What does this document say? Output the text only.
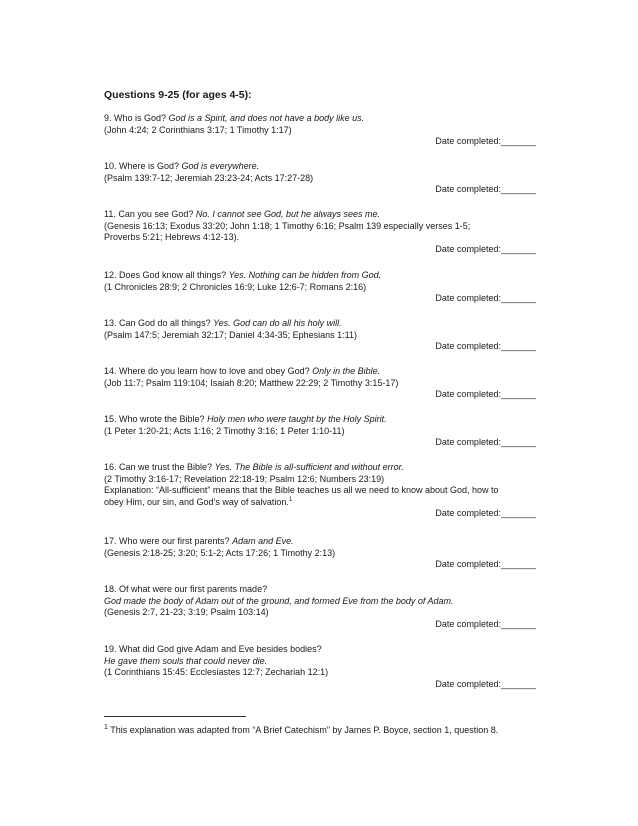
Questions 9-25 (for ages 4-5):

9. Who is God? God is a Spirit, and does not have a body like us.

(John 4:24; 2 Corinthians 3:17; 1 Timothy 1:17)

Date completed:_______

10. Where is God? God is everywhere.

(Psalm 139:7-12; Jeremiah 23:23-24; Acts 17:27-28)

Date completed:_______

11. Can you see God? No. I cannot see God, but he always sees me.

(Genesis 16:13; Exodus 33:20; John 1:18; 1 Timothy 6:16; Psalm 139 especially verses 1-5;

Proverbs 5:21; Hebrews 4:12-13).

Date completed:_______

12. Does God know all things? Yes. Nothing can be hidden from God.

(1 Chronicles 28:9; 2 Chronicles 16:9; Luke 12:6-7; Romans 2:16)

Date completed:_______

13. Can God do all things? Yes. God can do all his holy will.

(Psalm 147:5; Jeremiah 32:17; Daniel 4:34-35; Ephesians 1:11)

Date completed:_______

14. Where do you learn how to love and obey God? Only in the Bible.

(Job 11:7; Psalm 119:104; Isaiah 8:20; Matthew 22:29; 2 Timothy 3:15-17)

Date completed:_______

15. Who wrote the Bible? Holy men who were taught by the Holy Spirit.

(1 Peter 1:20-21; Acts 1:16; 2 Timothy 3:16; 1 Peter 1:10-11)

Date completed:_______

16. Can we trust the Bible? Yes. The Bible is all-sufficient and without error.

(2 Timothy 3:16-17; Revelation 22:18-19; Psalm 12:6; Numbers 23:19)

Explanation: “All-sufficient” means that the Bible teaches us all we need to know about God, how to

obey Him, our sin, and God’s way of salvation.$^1$

Date completed:_______

17. Who were our first parents? Adam and Eve.

(Genesis 2:18-25; 3:20; 5:1-2; Acts 17:26; 1 Timothy 2:13)

Date completed:_______

18. Of what were our first parents made?

God made the body of Adam out of the ground, and formed Eve from the body of Adam.

(Genesis 2:7, 21-23; 3:19; Psalm 103:14)

Date completed:_______

19. What did God give Adam and Eve besides bodies?

He gave them souls that could never die.

(1 Corinthians 15:45: Ecclesiastes 12:7; Zechariah 12:1)

Date completed:_______

$^1$ This explanation was adapted from “A Brief Catechism” by James P. Boyce, section 1, question 8.
